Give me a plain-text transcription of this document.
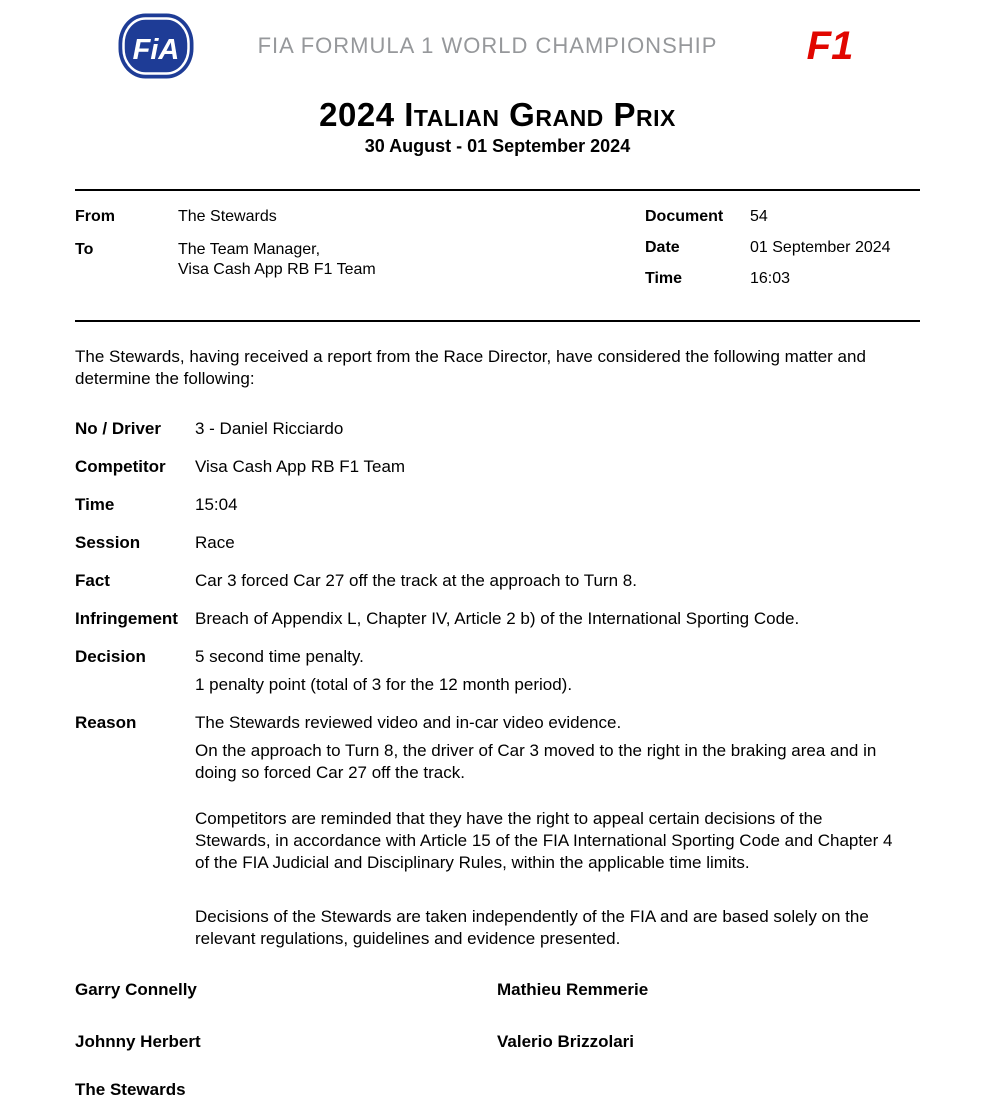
FiA	FIA FORMULA 1 WORLD CHAMPIONSHIP F1
2024 Italian Grand Prix
30 August - 01 September 2024
From	The Stewards
To	The Team Manager,
Visa Cash App RB F1 Team
Document	54
Date	01 September 2024
Time	16:03

The Stewards, having received a report from the Race Director, have considered the following matter and determine the following:

No / Driver	3 - Daniel Ricciardo
Competitor	Visa Cash App RB F1 Team
Time	15:04
Session	Race
Fact	Car 3 forced Car 27 off the track at the approach to Turn 8.
Infringement	Breach of Appendix L, Chapter IV, Article 2 b) of the International Sporting Code.
Decision	5 second time penalty.
1 penalty point (total of 3 for the 12 month period).
Reason	The Stewards reviewed video and in-car video evidence.
On the approach to Turn 8, the driver of Car 3 moved to the right in the braking area and in doing so forced Car 27 off the track.

Competitors are reminded that they have the right to appeal certain decisions of the Stewards, in accordance with Article 15 of the FIA International Sporting Code and Chapter 4 of the FIA Judicial and Disciplinary Rules, within the applicable time limits.

Decisions of the Stewards are taken independently of the FIA and are based solely on the relevant regulations, guidelines and evidence presented.

Garry Connelly
Johnny Herbert
Mathieu Remmerie
Valerio Brizzolari
The Stewards
